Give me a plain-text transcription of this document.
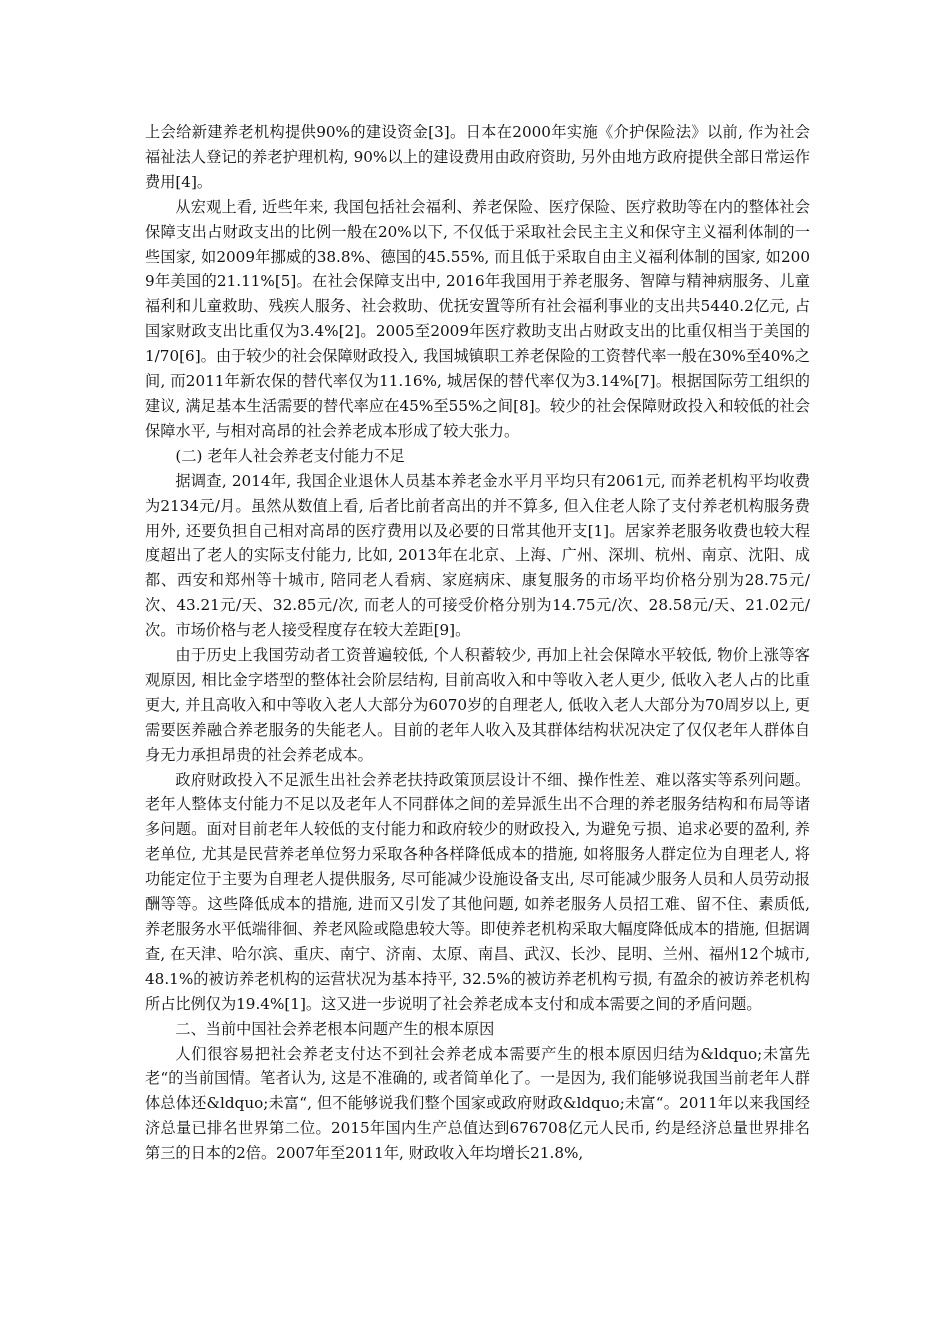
上会给新建养老机构提供90%的建设资金[3]。日本在2000年实施《介护保险法》以前, 作为社会福祉法人登记的养老护理机构, 90%以上的建设费用由政府资助, 另外由地方政府提供全部日常运作费用[4]。

从宏观上看, 近些年来, 我国包括社会福利、养老保险、医疗保险、医疗救助等在内的整体社会保障支出占财政支出的比例一般在20%以下, 不仅低于采取社会民主主义和保守主义福利体制的一些国家, 如2009年挪威的38.8%、德国的45.55%, 而且低于采取自由主义福利体制的国家, 如2009年美国的21.11%[5]。在社会保障支出中, 2016年我国用于养老服务、智障与精神病服务、儿童福利和儿童救助、残疾人服务、社会救助、优抚安置等所有社会福利事业的支出共5440.2亿元, 占国家财政支出比重仅为3.4%[2]。2005至2009年医疗救助支出占财政支出的比重仅相当于美国的1/70[6]。由于较少的社会保障财政投入, 我国城镇职工养老保险的工资替代率一般在30%至40%之间, 而2011年新农保的替代率仅为11.16%, 城居保的替代率仅为3.14%[7]。根据国际劳工组织的建议, 满足基本生活需要的替代率应在45%至55%之间[8]。较少的社会保障财政投入和较低的社会保障水平, 与相对高昂的社会养老成本形成了较大张力。

(二) 老年人社会养老支付能力不足

据调查, 2014年, 我国企业退休人员基本养老金水平月平均只有2061元, 而养老机构平均收费为2134元/月。虽然从数值上看, 后者比前者高出的并不算多, 但入住老人除了支付养老机构服务费用外, 还要负担自己相对高昂的医疗费用以及必要的日常其他开支[1]。居家养老服务收费也较大程度超出了老人的实际支付能力, 比如, 2013年在北京、上海、广州、深圳、杭州、南京、沈阳、成都、西安和郑州等十城市, 陪同老人看病、家庭病床、康复服务的市场平均价格分别为28.75元/次、43.21元/天、32.85元/次, 而老人的可接受价格分别为14.75元/次、28.58元/天、21.02元/次。市场价格与老人接受程度存在较大差距[9]。

由于历史上我国劳动者工资普遍较低, 个人积蓄较少, 再加上社会保障水平较低, 物价上涨等客观原因, 相比金字塔型的整体社会阶层结构, 目前高收入和中等收入老人更少, 低收入老人占的比重更大, 并且高收入和中等收入老人大部分为6070岁的自理老人, 低收入老人大部分为70周岁以上, 更需要医养融合养老服务的失能老人。目前的老年人收入及其群体结构状况决定了仅仅老年人群体自身无力承担昂贵的社会养老成本。

政府财政投入不足派生出社会养老扶持政策顶层设计不细、操作性差、难以落实等系列问题。老年人整体支付能力不足以及老年人不同群体之间的差异派生出不合理的养老服务结构和布局等诸多问题。面对目前老年人较低的支付能力和政府较少的财政投入, 为避免亏损、追求必要的盈利, 养老单位, 尤其是民营养老单位努力采取各种各样降低成本的措施, 如将服务人群定位为自理老人, 将功能定位于主要为自理老人提供服务, 尽可能减少设施设备支出, 尽可能减少服务人员和人员劳动报酬等等。这些降低成本的措施, 进而又引发了其他问题, 如养老服务人员招工难、留不住、素质低, 养老服务水平低端徘徊、养老风险或隐患较大等。即使养老机构采取大幅度降低成本的措施, 但据调查, 在天津、哈尔滨、重庆、南宁、济南、太原、南昌、武汉、长沙、昆明、兰州、福州12个城市, 48.1%的被访养老机构的运营状况为基本持平, 32.5%的被访养老机构亏损, 有盈余的被访养老机构所占比例仅为19.4%[1]。这又进一步说明了社会养老成本支付和成本需要之间的矛盾问题。

二、当前中国社会养老根本问题产生的根本原因

人们很容易把社会养老支付达不到社会养老成本需要产生的根本原因归结为&ldquo;未富先老“的当前国情。笔者认为, 这是不准确的, 或者简单化了。一是因为, 我们能够说我国当前老年人群体总体还&ldquo;未富“, 但不能够说我们整个国家或政府财政&ldquo;未富“。2011年以来我国经济总量已排名世界第二位。2015年国内生产总值达到676708亿元人民币, 约是经济总量世界排名第三的日本的2倍。2007年至2011年, 财政收入年均增长21.8%,
